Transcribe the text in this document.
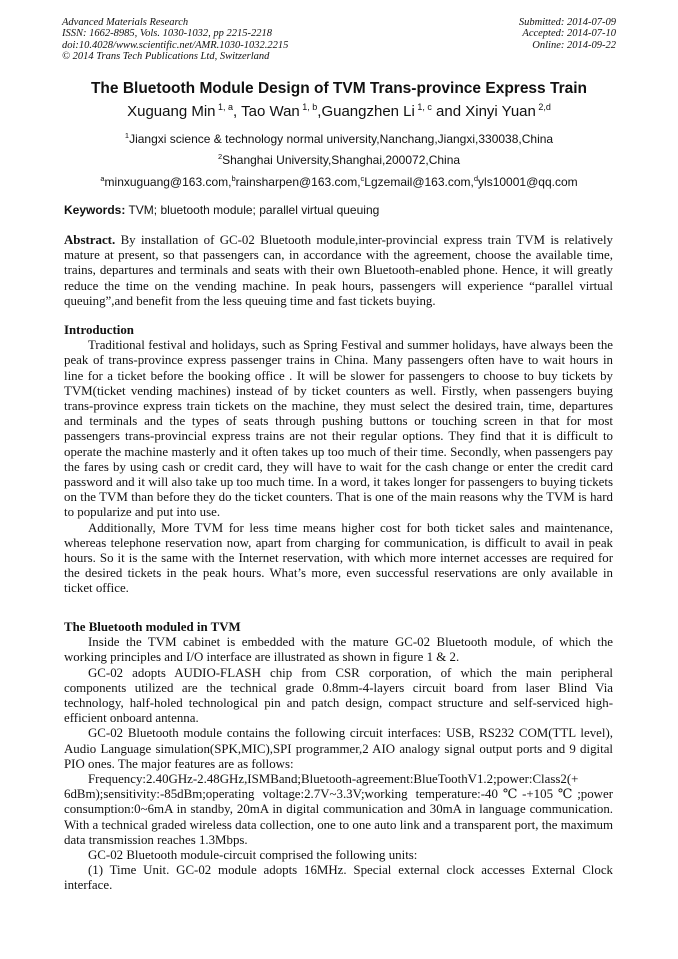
Advanced Materials Research
ISSN: 1662-8985, Vols. 1030-1032, pp 2215-2218
doi:10.4028/www.scientific.net/AMR.1030-1032.2215
© 2014 Trans Tech Publications Ltd, Switzerland
Submitted: 2014-07-09
Accepted: 2014-07-10
Online: 2014-09-22
The Bluetooth Module Design of TVM Trans-province Express Train
Xuguang Min $^{1, a}$, Tao Wan $^{1, b}$,Guangzhen Li $^{1, c}$ and Xinyi Yuan $^{2,d}$
$^1$Jiangxi science & technology normal university,Nanchang,Jiangxi,330038,China
$^2$Shanghai University,Shanghai,200072,China
$^a$minxuguang@163.com,$^b$rainsharpen@163.com,$^c$Lgzemail@163.com,$^d$yls10001@qq.com
Keywords: TVM; bluetooth module; parallel virtual queuing

Abstract. By installation of GC-02 Bluetooth module,inter-provincial express train TVM is relatively mature at present, so that passengers can, in accordance with the agreement, choose the available time, trains, departures and terminals and seats with their own Bluetooth-enabled phone. Hence, it will greatly reduce the time on the vending machine. In peak hours, passengers will experience “parallel virtual queuing”,and benefit from the less queuing time and fast tickets buying.

Introduction

Traditional festival and holidays, such as Spring Festival and summer holidays, have always been the peak of trans-province express passenger trains in China. Many passengers often have to wait hours in line for a ticket before the booking office . It will be slower for passengers to choose to buy tickets by TVM(ticket vending machines) instead of by ticket counters as well. Firstly, when passengers buying trans-province express train tickets on the machine, they must select the desired train, time, departures and terminals and the types of seats through pushing buttons or touching screen in that for most passengers trans-provincial express trains are not their regular options. They find that it is difficult to operate the machine masterly and it often takes up too much of their time. Secondly, when passengers pay the fares by using cash or credit card, they will have to wait for the cash change or enter the credit card password and it will also take up too much time. In a word, it takes longer for passengers to buying tickets on the TVM than before they do the ticket counters. That is one of the main reasons why the TVM is hard to popularize and put into use.

Additionally, More TVM for less time means higher cost for both ticket sales and maintenance, whereas telephone reservation now, apart from charging for communication, is difficult to avail in peak hours. So it is the same with the Internet reservation, with which more internet accesses are required for the desired tickets in the peak hours. What’s more, even successful reservations are only available in ticket office.

The Bluetooth moduled in TVM

Inside the TVM cabinet is embedded with the mature GC-02 Bluetooth module, of which the working principles and I/O interface are illustrated as shown in figure 1 & 2.

GC-02 adopts AUDIO-FLASH chip from CSR corporation, of which the main peripheral components utilized are the technical grade 0.8mm-4-layers circuit board from laser Blind Via technology, half-holed technological pin and patch design, compact structure and self-serviced high-efficient onboard antenna.

GC-02 Bluetooth module contains the following circuit interfaces: USB, RS232 COM(TTL level), Audio Language simulation(SPK,MIC),SPI programmer,2 AIO analogy signal output ports and 9 digital PIO ones. The major features are as follows:

Frequency:2.40GHz-2.48GHz,ISMBand;Bluetooth-agreement:BlueToothV1.2;power:Class2(+ 6dBm);sensitivity:-85dBm;operating voltage:2.7V~3.3V;working temperature:-40℃-+105℃;power consumption:0~6mA in standby, 20mA in digital communication and 30mA in language communication. With a technical graded wireless data collection, one to one auto link and a transparent port, the maximum data transmission reaches 1.3Mbps.

GC-02 Bluetooth module-circuit comprised the following units:

(1) Time Unit. GC-02 module adopts 16MHz. Special external clock accesses External Clock interface.
